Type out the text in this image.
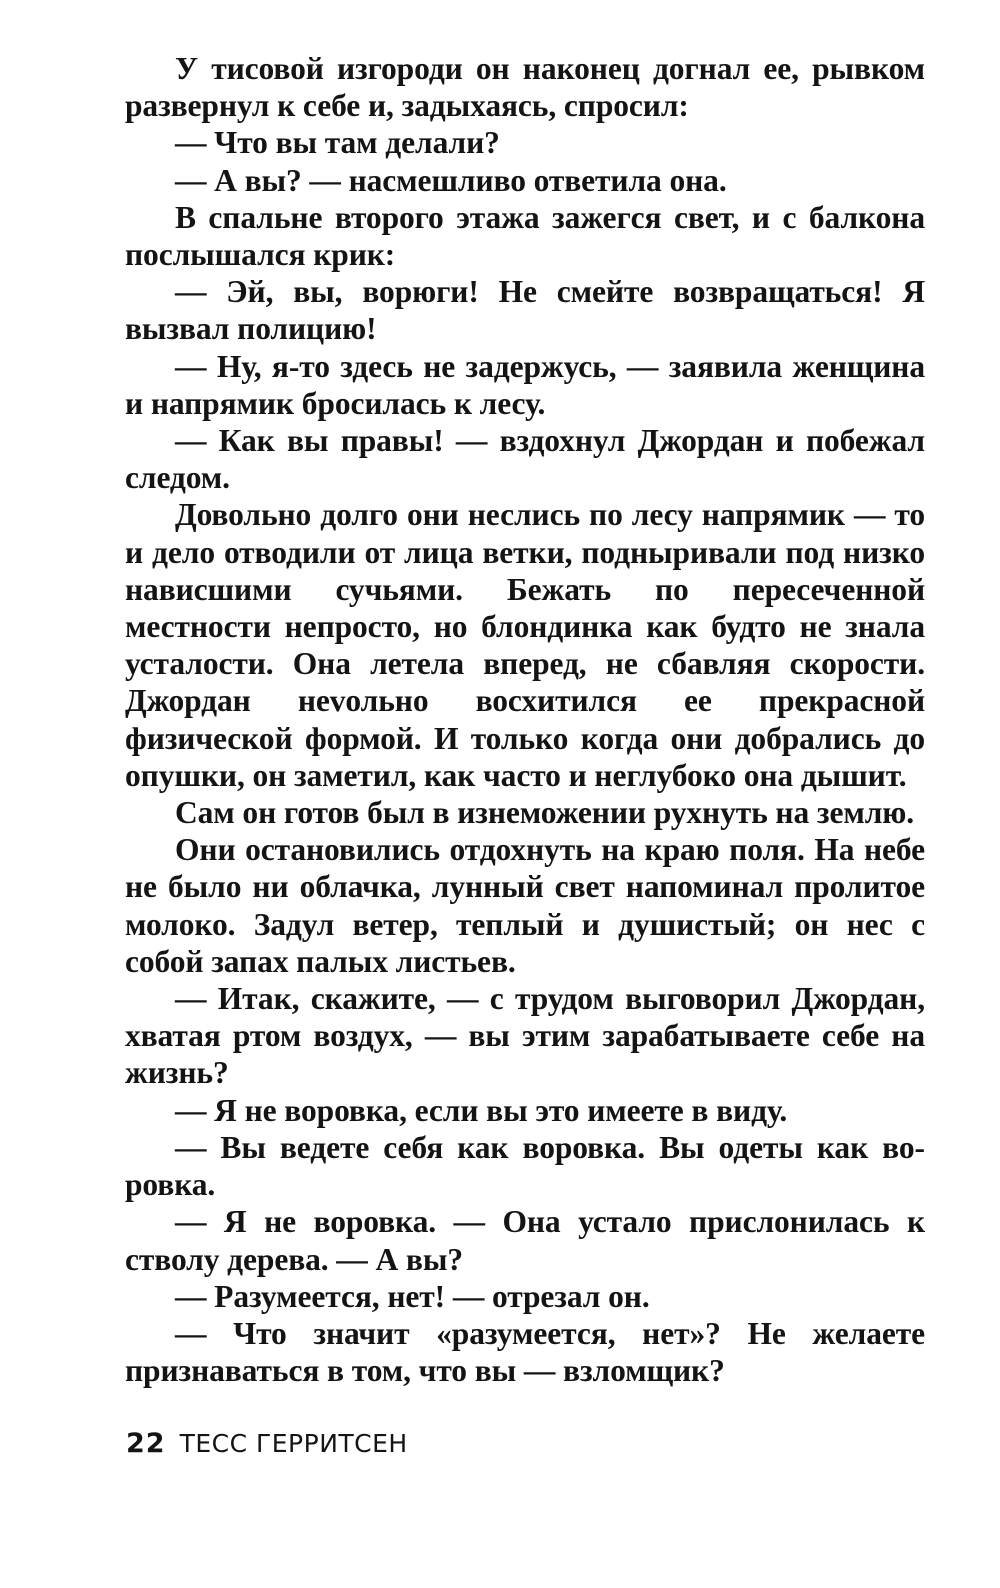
У тисовой изгороди он наконец догнал ее, рывком развернул к себе и, задыхаясь, спросил:

— Что вы там делали?

— А вы? — насмешливо ответила она.

В спальне второго этажа зажегся свет, и с балкона послышался крик:

— Эй, вы, ворюги! Не смейте возвращаться! Я вызвал полицию!

— Ну, я-то здесь не задержусь, — заявила женщина и напрямик бросилась к лесу.

— Как вы правы! — вздохнул Джордан и побежал следом.

Довольно долго они неслись по лесу напрямик — то и дело отводили от лица ветки, подныривали под низко нависшими сучьями. Бежать по пересеченной местности непросто, но блондинка как будто не знала усталости. Она летела вперед, не сбавляя скорости. Джордан неvольно восхитился ее прекрасной физической формой. И только когда они добрались до опушки, он заметил, как часто и неглубоко она дышит.

Сам он готов был в изнеможении рухнуть на землю.

Они остановились отдохнуть на краю поля. На небе не было ни облачка, лунный свет напоминал пролитое молоко. Задул ветер, теплый и душистый; он нес с собой запах палых листьев.

— Итак, скажите, — с трудом выговорил Джордан, хватая ртом воздух, — вы этим зарабатываете себе на жизнь?

— Я не воровка, если вы это имеете в виду.

— Вы ведете себя как воровка. Вы одеты как воровка.

— Я не воровка. — Она устало прислонилась к стволу дерева. — А вы?

— Разумеется, нет! — отрезал он.

— Что значит «разумеется, нет»? Не желаете признаваться в том, что вы — взломщик?

22 ТЕСС ГЕРРИТСЕН
